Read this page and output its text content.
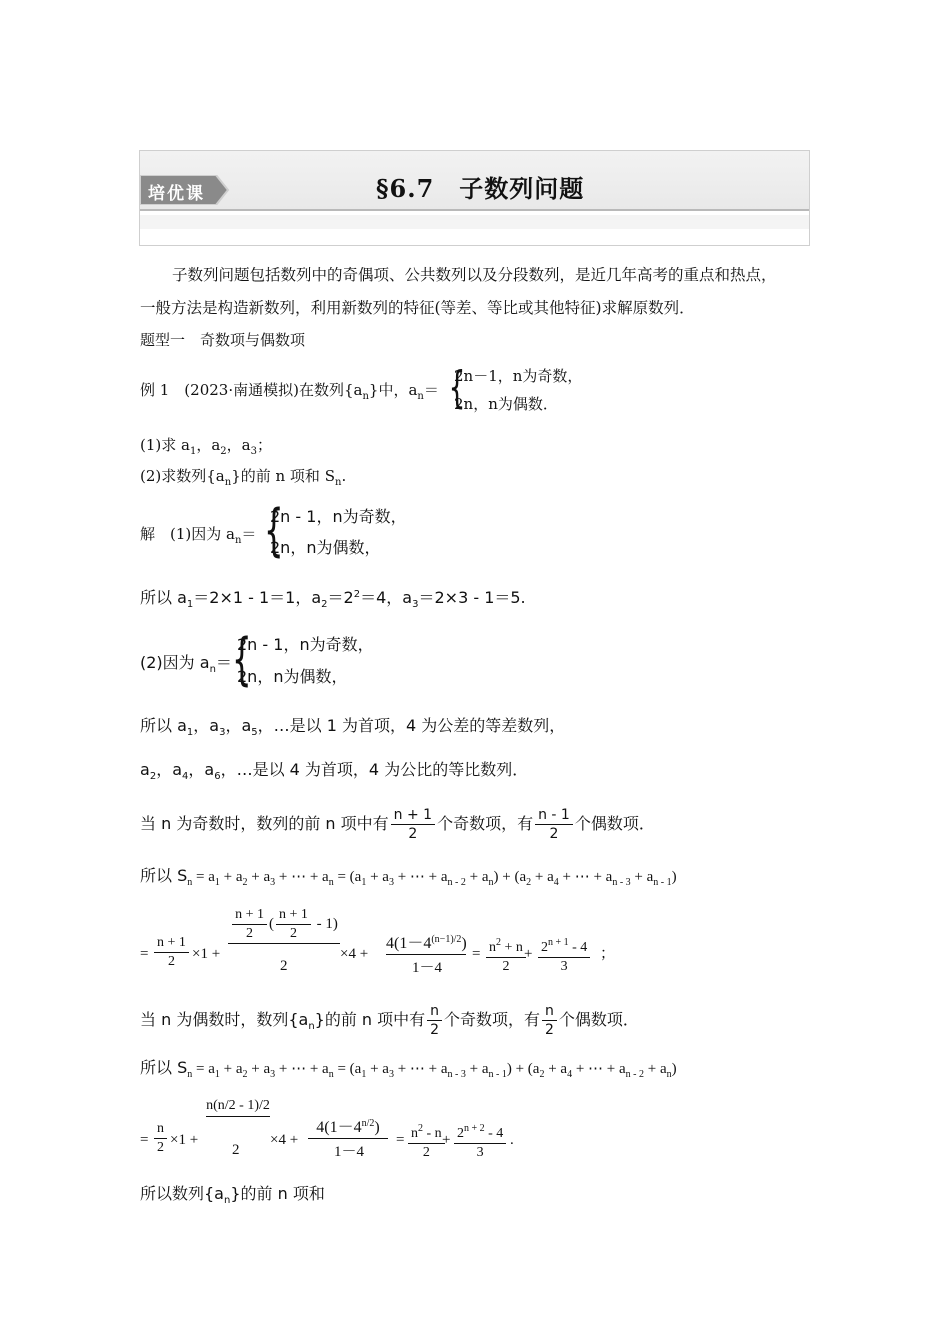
培优课	§6.7　子数列问题
子数列问题包括数列中的奇偶项、公共数列以及分段数列，是近几年高考的重点和热点，
一般方法是构造新数列，利用新数列的特征(等差、等比或其他特征)求解原数列．
题型一　奇数项与偶数项
例 1　(2023·南通模拟)在数列$\{a_n\}$中，$a_n=$ {
2n－1，n为奇数，
2n，n为偶数．
(1)求 $a_1$，$a_2$，$a_3$；
(2)求数列$\{a_n\}$的前 n 项和 $S_n$.
解　(1)因为 $a_n=$ {
2n - 1，n为奇数，
2n，n为偶数，
所以 $a_1=2\times 1 - 1=1$，$a_2=2^2=4$，$a_3=2\times 3 - 1=5$.
(2)因为 $a_n=$ {
2n - 1，n为奇数，
2n，n为偶数，
所以 $a_1$，$a_3$，$a_5$，…是以 1 为首项，4 为公差的等差数列，
$a_2$，$a_4$，$a_6$，…是以 4 为首项，4 为公比的等比数列．
当 n 为奇数时，数列的前 n 项中有 $\frac{n + 1}{2}$ 个奇数项，有 $\frac{n - 1}{2}$ 个偶数项．
所以 $S_n = a_1 + a_2 + a_3$ + ⋯ + $a_n = (a_1 + a_3$ + ⋯ + $a_{n - 2} + a_n) + (a_2 + a_4$ + ⋯ + $a_{n - 3} + a_{n - 1}$)
= $\frac{n + 1}{2} \times 1$ +
$\frac{n + 1}{2}$ ( $\frac{n + 1}{2} - 1$)
2
×4 +
$4(1-4^{(n-1)/2})$
1－4
= $\frac{n^2 + n}{2}$
+ $\frac{2^{n + 1} - 4}{3}$ ；
当 n 为偶数时，数列$\{a_n\}$的前 n 项中有 $\frac{n}{2}$ 个奇数项，有 $\frac{n}{2}$ 个偶数项．
所以 $S_n = a_1 + a_2 + a_3$ + ⋯ + $a_n = (a_1 + a_3$ + ⋯ + $a_{n - 3} + a_{n - 1}) + (a_2 + a_4$ + ⋯ + $a_{n - 2} + a_n$)
= $\frac{n}{2} \times 1$ +
n(n/2 - 1)/2
2
×4 +
$4(1-4^{n/2})$
1－4
= $\frac{n^2 - n}{2}$
+ $\frac{2^{n + 2} - 4}{3}$ .
所以数列$\{a_n\}$的前 n 项和
